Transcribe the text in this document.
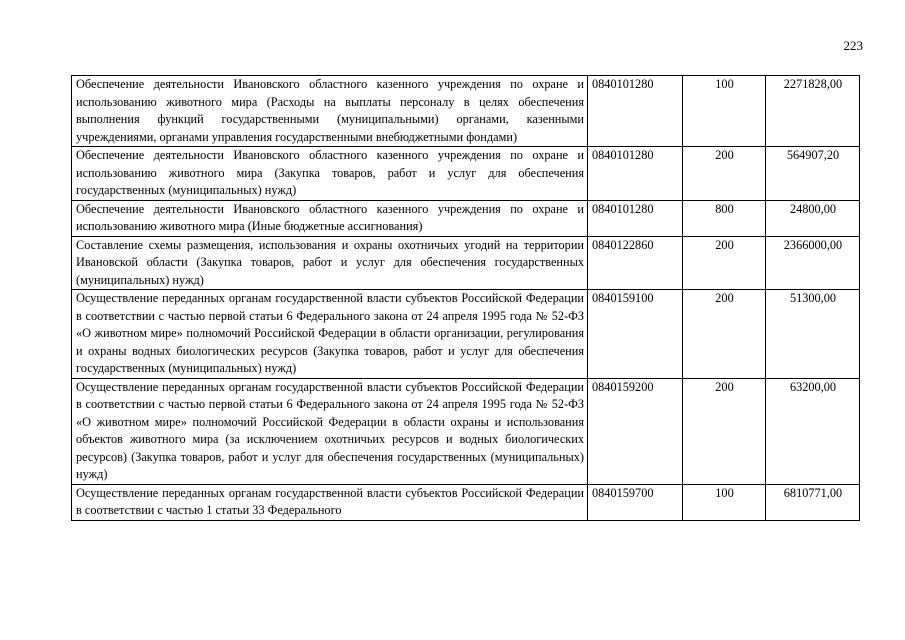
223
Обеспечение деятельности Ивановского областного казенного учреждения по охране и использованию животного мира (Расходы на выплаты персоналу в целях обеспечения выполнения функций государственными (муниципальными) органами, казенными учреждениями, органами управления государственными внебюджетными фондами)	0840101280	100	2271828,00
Обеспечение деятельности Ивановского областного казенного учреждения по охране и использованию животного мира (Закупка товаров, работ и услуг для обеспечения государственных (муниципальных) нужд)	0840101280	200	564907,20
Обеспечение деятельности Ивановского областного казенного учреждения по охране и использованию животного мира (Иные бюджетные ассигнования)	0840101280	800	24800,00
Составление схемы размещения, использования и охраны охотничьих угодий на территории Ивановской области (Закупка товаров, работ и услуг для обеспечения государственных (муниципальных) нужд)	0840122860	200	2366000,00
Осуществление переданных органам государственной власти субъектов Российской Федерации в соответствии с частью первой статьи 6 Федерального закона от 24 апреля 1995 года № 52-ФЗ «О животном мире» полномочий Российской Федерации в области организации, регулирования и охраны водных биологических ресурсов (Закупка товаров, работ и услуг для обеспечения государственных (муниципальных) нужд)	0840159100	200	51300,00
Осуществление переданных органам государственной власти субъектов Российской Федерации в соответствии с частью первой статьи 6 Федерального закона от 24 апреля 1995 года № 52-ФЗ «О животном мире» полномочий Российской Федерации в области охраны и использования объектов животного мира (за исключением охотничьих ресурсов и водных биологических ресурсов) (Закупка товаров, работ и услуг для обеспечения государственных (муниципальных) нужд)	0840159200	200	63200,00
Осуществление переданных органам государственной власти субъектов Российской Федерации в соответствии с частью 1 статьи 33 Федерального	0840159700	100	6810771,00
